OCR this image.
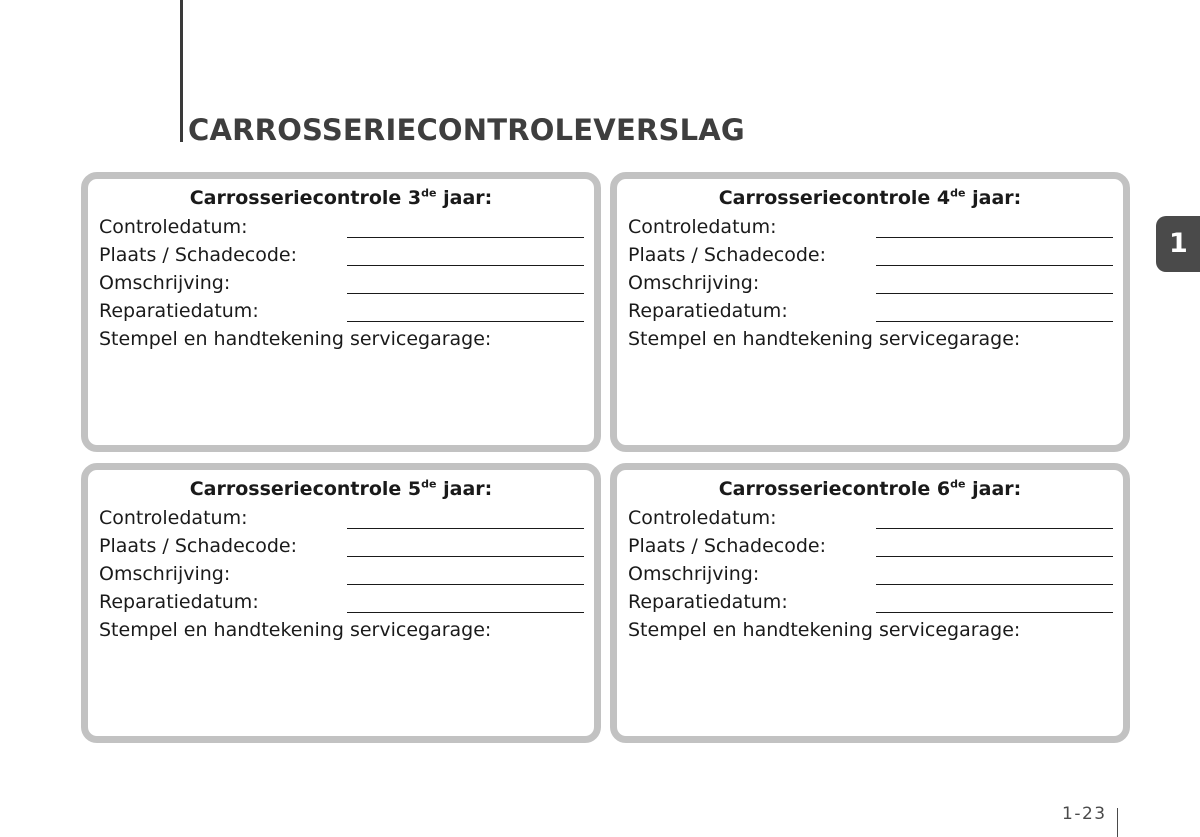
CARROSSERIECONTROLEVERSLAG
1
Carrosseriecontrole 3de jaar:
Controledatum:
Plaats / Schadecode:
Omschrijving:
Reparatiedatum:
Stempel en handtekening servicegarage:
Carrosseriecontrole 4de jaar:
Controledatum:
Plaats / Schadecode:
Omschrijving:
Reparatiedatum:
Stempel en handtekening servicegarage:
Carrosseriecontrole 5de jaar:
Controledatum:
Plaats / Schadecode:
Omschrijving:
Reparatiedatum:
Stempel en handtekening servicegarage:
Carrosseriecontrole 6de jaar:
Controledatum:
Plaats / Schadecode:
Omschrijving:
Reparatiedatum:
Stempel en handtekening servicegarage:
1-23
